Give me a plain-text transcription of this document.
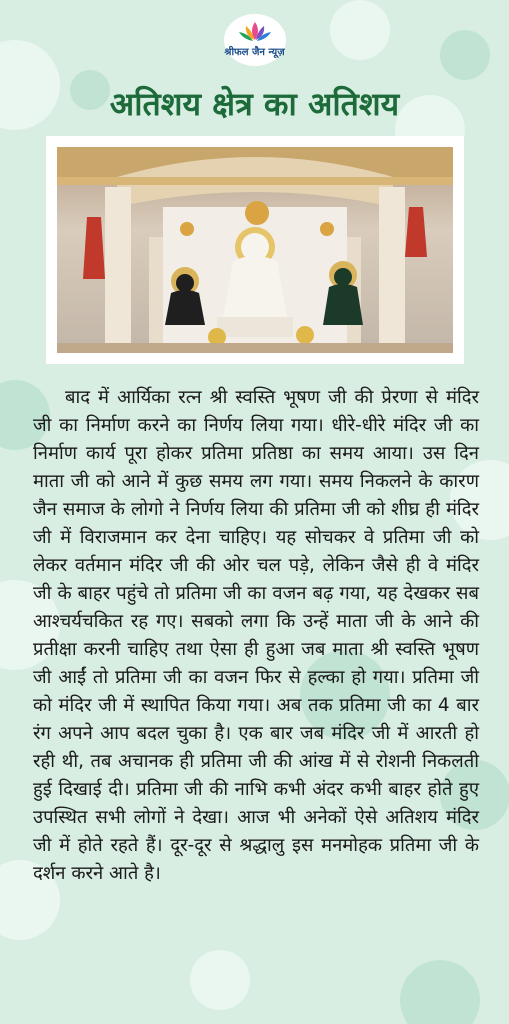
श्रीफल जैन न्यूज़
अतिशय क्षेत्र का अतिशय
बाद में आर्यिका रत्न श्री स्वस्ति भूषण जी की प्रेरणा से मंदिर जी का निर्माण करने का निर्णय लिया गया। धीरे-धीरे मंदिर जी का निर्माण कार्य पूरा होकर प्रतिमा प्रतिष्ठा का समय आया। उस दिन माता जी को आने में कुछ समय लग गया। समय निकलने के कारण जैन समाज के लोगो ने निर्णय लिया की प्रतिमा जी को शीघ्र ही मंदिर जी में विराजमान कर देना चाहिए। यह सोचकर वे प्रतिमा जी को लेकर वर्तमान मंदिर जी की ओर चल पड़े, लेकिन जैसे ही वे मंदिर जी के बाहर पहुंचे तो प्रतिमा जी का वजन बढ़ गया, यह देखकर सब आश्चर्यचकित रह गए। सबको लगा कि उन्हें माता जी के आने की प्रतीक्षा करनी चाहिए तथा ऐसा ही हुआ जब माता श्री स्वस्ति भूषण जी आईं तो प्रतिमा जी का वजन फिर से हल्का हो गया। प्रतिमा जी को मंदिर जी में स्थापित किया गया। अब तक प्रतिमा जी का 4 बार रंग अपने आप बदल चुका है। एक बार जब मंदिर जी में आरती हो रही थी, तब अचानक ही प्रतिमा जी की आंख में से रोशनी निकलती हुई दिखाई दी। प्रतिमा जी की नाभि कभी अंदर कभी बाहर होते हुए उपस्थित सभी लोगों ने देखा। आज भी अनेकों ऐसे अतिशय मंदिर जी में होते रहते हैं। दूर-दूर से श्रद्धालु इस मनमोहक प्रतिमा जी के दर्शन करने आते है।
